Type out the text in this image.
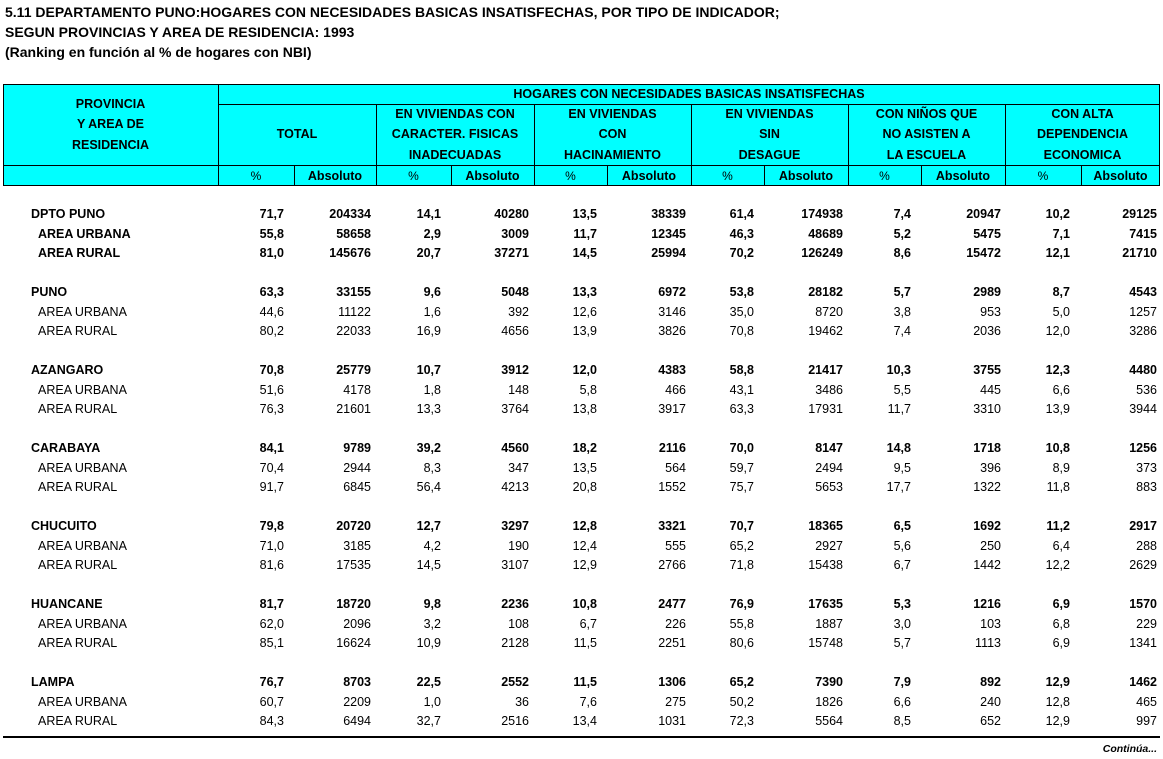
5.11 DEPARTAMENTO PUNO:HOGARES CON NECESIDADES BASICAS INSATISFECHAS, POR TIPO DE INDICADOR;
SEGUN PROVINCIAS Y AREA DE RESIDENCIA: 1993
(Ranking en función al % de hogares con NBI)
PROVINCIA
Y AREA DE
RESIDENCIA
HOGARES CON NECESIDADES BASICAS INSATISFECHAS
TOTAL
%	Absoluto
EN VIVIENDAS CON
CARACTER. FISICAS
INADECUADAS
%	Absoluto
EN VIVIENDAS
CON
HACINAMIENTO
%	Absoluto
EN VIVIENDAS
SIN
DESAGUE
%	Absoluto
CON NIÑOS QUE
NO ASISTEN A
LA ESCUELA
%	Absoluto
CON ALTA
DEPENDENCIA
ECONOMICA
%	Absoluto
DPTO PUNO	71,7	204334	14,1	40280	13,5	38339	61,4	174938	7,4	20947	10,2	29125
AREA URBANA	55,8	58658	2,9	3009	11,7	12345	46,3	48689	5,2	5475	7,1	7415
AREA RURAL	81,0	145676	20,7	37271	14,5	25994	70,2	126249	8,6	15472	12,1	21710
PUNO	63,3	33155	9,6	5048	13,3	6972	53,8	28182	5,7	2989	8,7	4543
AREA URBANA	44,6	11122	1,6	392	12,6	3146	35,0	8720	3,8	953	5,0	1257
AREA RURAL	80,2	22033	16,9	4656	13,9	3826	70,8	19462	7,4	2036	12,0	3286
AZANGARO	70,8	25779	10,7	3912	12,0	4383	58,8	21417	10,3	3755	12,3	4480
AREA URBANA	51,6	4178	1,8	148	5,8	466	43,1	3486	5,5	445	6,6	536
AREA RURAL	76,3	21601	13,3	3764	13,8	3917	63,3	17931	11,7	3310	13,9	3944
CARABAYA	84,1	9789	39,2	4560	18,2	2116	70,0	8147	14,8	1718	10,8	1256
AREA URBANA	70,4	2944	8,3	347	13,5	564	59,7	2494	9,5	396	8,9	373
AREA RURAL	91,7	6845	56,4	4213	20,8	1552	75,7	5653	17,7	1322	11,8	883
CHUCUITO	79,8	20720	12,7	3297	12,8	3321	70,7	18365	6,5	1692	11,2	2917
AREA URBANA	71,0	3185	4,2	190	12,4	555	65,2	2927	5,6	250	6,4	288
AREA RURAL	81,6	17535	14,5	3107	12,9	2766	71,8	15438	6,7	1442	12,2	2629
HUANCANE	81,7	18720	9,8	2236	10,8	2477	76,9	17635	5,3	1216	6,9	1570
AREA URBANA	62,0	2096	3,2	108	6,7	226	55,8	1887	3,0	103	6,8	229
AREA RURAL	85,1	16624	10,9	2128	11,5	2251	80,6	15748	5,7	1113	6,9	1341
LAMPA	76,7	8703	22,5	2552	11,5	1306	65,2	7390	7,9	892	12,9	1462
AREA URBANA	60,7	2209	1,0	36	7,6	275	50,2	1826	6,6	240	12,8	465
AREA RURAL	84,3	6494	32,7	2516	13,4	1031	72,3	5564	8,5	652	12,9	997
Continúa...
